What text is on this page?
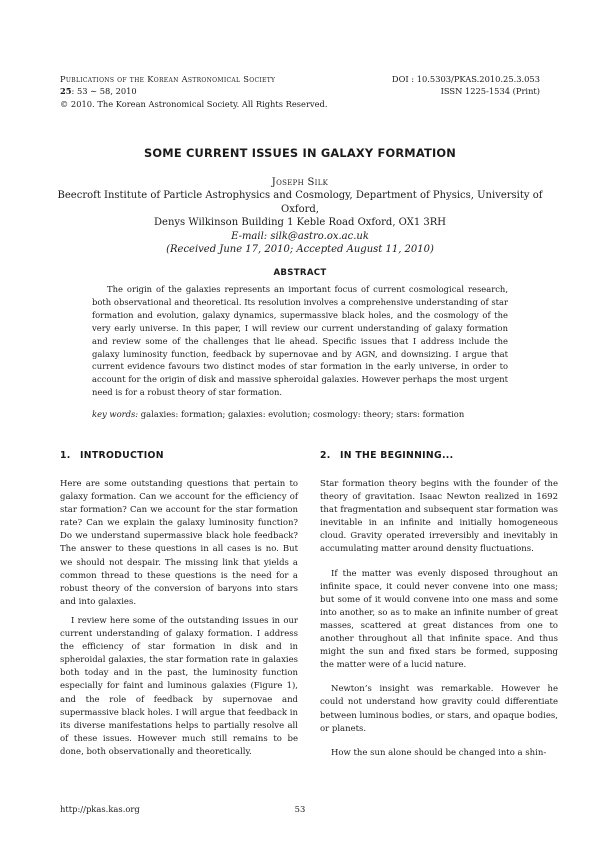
Publications of the Korean Astronomical Society
25: 53 ∼ 58, 2010
© 2010. The Korean Astronomical Society. All Rights Reserved.
DOI : 10.5303/PKAS.2010.25.3.053
ISSN 1225-1534 (Print)
SOME CURRENT ISSUES IN GALAXY FORMATION
Joseph Silk
Beecroft Institute of Particle Astrophysics and Cosmology, Department of Physics, University of Oxford,
Denys Wilkinson Building 1 Keble Road Oxford, OX1 3RH
E-mail: silk@astro.ox.ac.uk
(Received June 17, 2010; Accepted August 11, 2010)
ABSTRACT

The origin of the galaxies represents an important focus of current cosmological research, both observational and theoretical. Its resolution involves a comprehensive understanding of star formation and evolution, galaxy dynamics, supermassive black holes, and the cosmology of the very early universe. In this paper, I will review our current understanding of galaxy formation and review some of the challenges that lie ahead. Specific issues that I address include the galaxy luminosity function, feedback by supernovae and by AGN, and downsizing. I argue that current evidence favours two distinct modes of star formation in the early universe, in order to account for the origin of disk and massive spheroidal galaxies. However perhaps the most urgent need is for a robust theory of star formation.

key words: galaxies: formation; galaxies: evolution; cosmology: theory; stars: formation
1. INTRODUCTION

Here are some outstanding questions that pertain to galaxy formation. Can we account for the efficiency of star formation? Can we account for the star formation rate? Can we explain the galaxy luminosity function? Do we understand supermassive black hole feedback? The answer to these questions in all cases is no. But we should not despair. The missing link that yields a common thread to these questions is the need for a robust theory of the conversion of baryons into stars and into galaxies.

I review here some of the outstanding issues in our current understanding of galaxy formation. I address the efficiency of star formation in disk and in spheroidal galaxies, the star formation rate in galaxies both today and in the past, the luminosity function especially for faint and luminous galaxies (Figure 1), and the role of feedback by supernovae and supermassive black holes. I will argue that feedback in its diverse manifestations helps to partially resolve all of these issues. However much still remains to be done, both observationally and theoretically.

2. IN THE BEGINNING...

Star formation theory begins with the founder of the theory of gravitation. Isaac Newton realized in 1692 that fragmentation and subsequent star formation was inevitable in an infinite and initially homogeneous cloud. Gravity operated irreversibly and inevitably in accumulating matter around density fluctuations.

If the matter was evenly disposed throughout an infinite space, it could never convene into one mass; but some of it would convene into one mass and some into another, so as to make an infinite number of great masses, scattered at great distances from one to another throughout all that infinite space. And thus might the sun and fixed stars be formed, supposing the matter were of a lucid nature.

Newton’s insight was remarkable. However he could not understand how gravity could differentiate between luminous bodies, or stars, and opaque bodies, or planets.

How the sun alone should be changed into a shin-

http://pkas.kas.org	53
